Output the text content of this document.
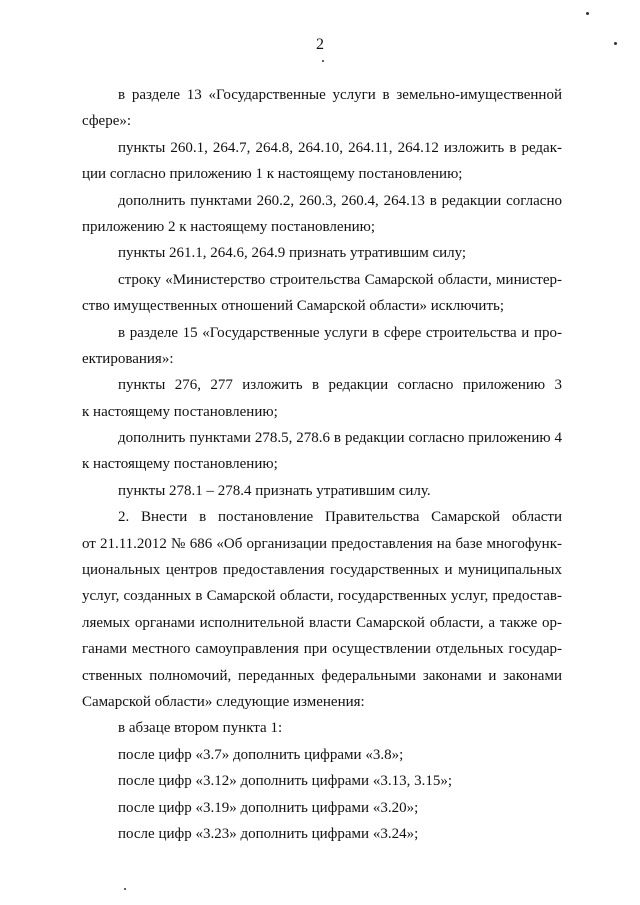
2
в разделе 13 «Государственные услуги в земельно-имущественной
сфере»:
пункты 260.1, 264.7, 264.8, 264.10, 264.11, 264.12 изложить в редак-
ции согласно приложению 1 к настоящему постановлению;
дополнить пунктами 260.2, 260.3, 260.4, 264.13 в редакции согласно
приложению 2 к настоящему постановлению;
пункты 261.1, 264.6, 264.9 признать утратившим силу;
строку «Министерство строительства Самарской области, министер-
ство имущественных отношений Самарской области» исключить;
в разделе 15 «Государственные услуги в сфере строительства и про-
ектирования»:
пункты 276, 277 изложить в редакции согласно приложению 3
к настоящему постановлению;
дополнить пунктами 278.5, 278.6 в редакции согласно приложению 4
к настоящему постановлению;
пункты 278.1 – 278.4 признать утратившим силу.
2. Внести в постановление Правительства Самарской области
от 21.11.2012 № 686 «Об организации предоставления на базе многофунк-
циональных центров предоставления государственных и муниципальных
услуг, созданных в Самарской области, государственных услуг, предостав-
ляемых органами исполнительной власти Самарской области, а также ор-
ганами местного самоуправления при осуществлении отдельных государ-
ственных полномочий, переданных федеральными законами и законами
Самарской области» следующие изменения:
в абзаце втором пункта 1:
после цифр «3.7» дополнить цифрами «3.8»;
после цифр «3.12» дополнить цифрами «3.13, 3.15»;
после цифр «3.19» дополнить цифрами «3.20»;
после цифр «3.23» дополнить цифрами «3.24»;
